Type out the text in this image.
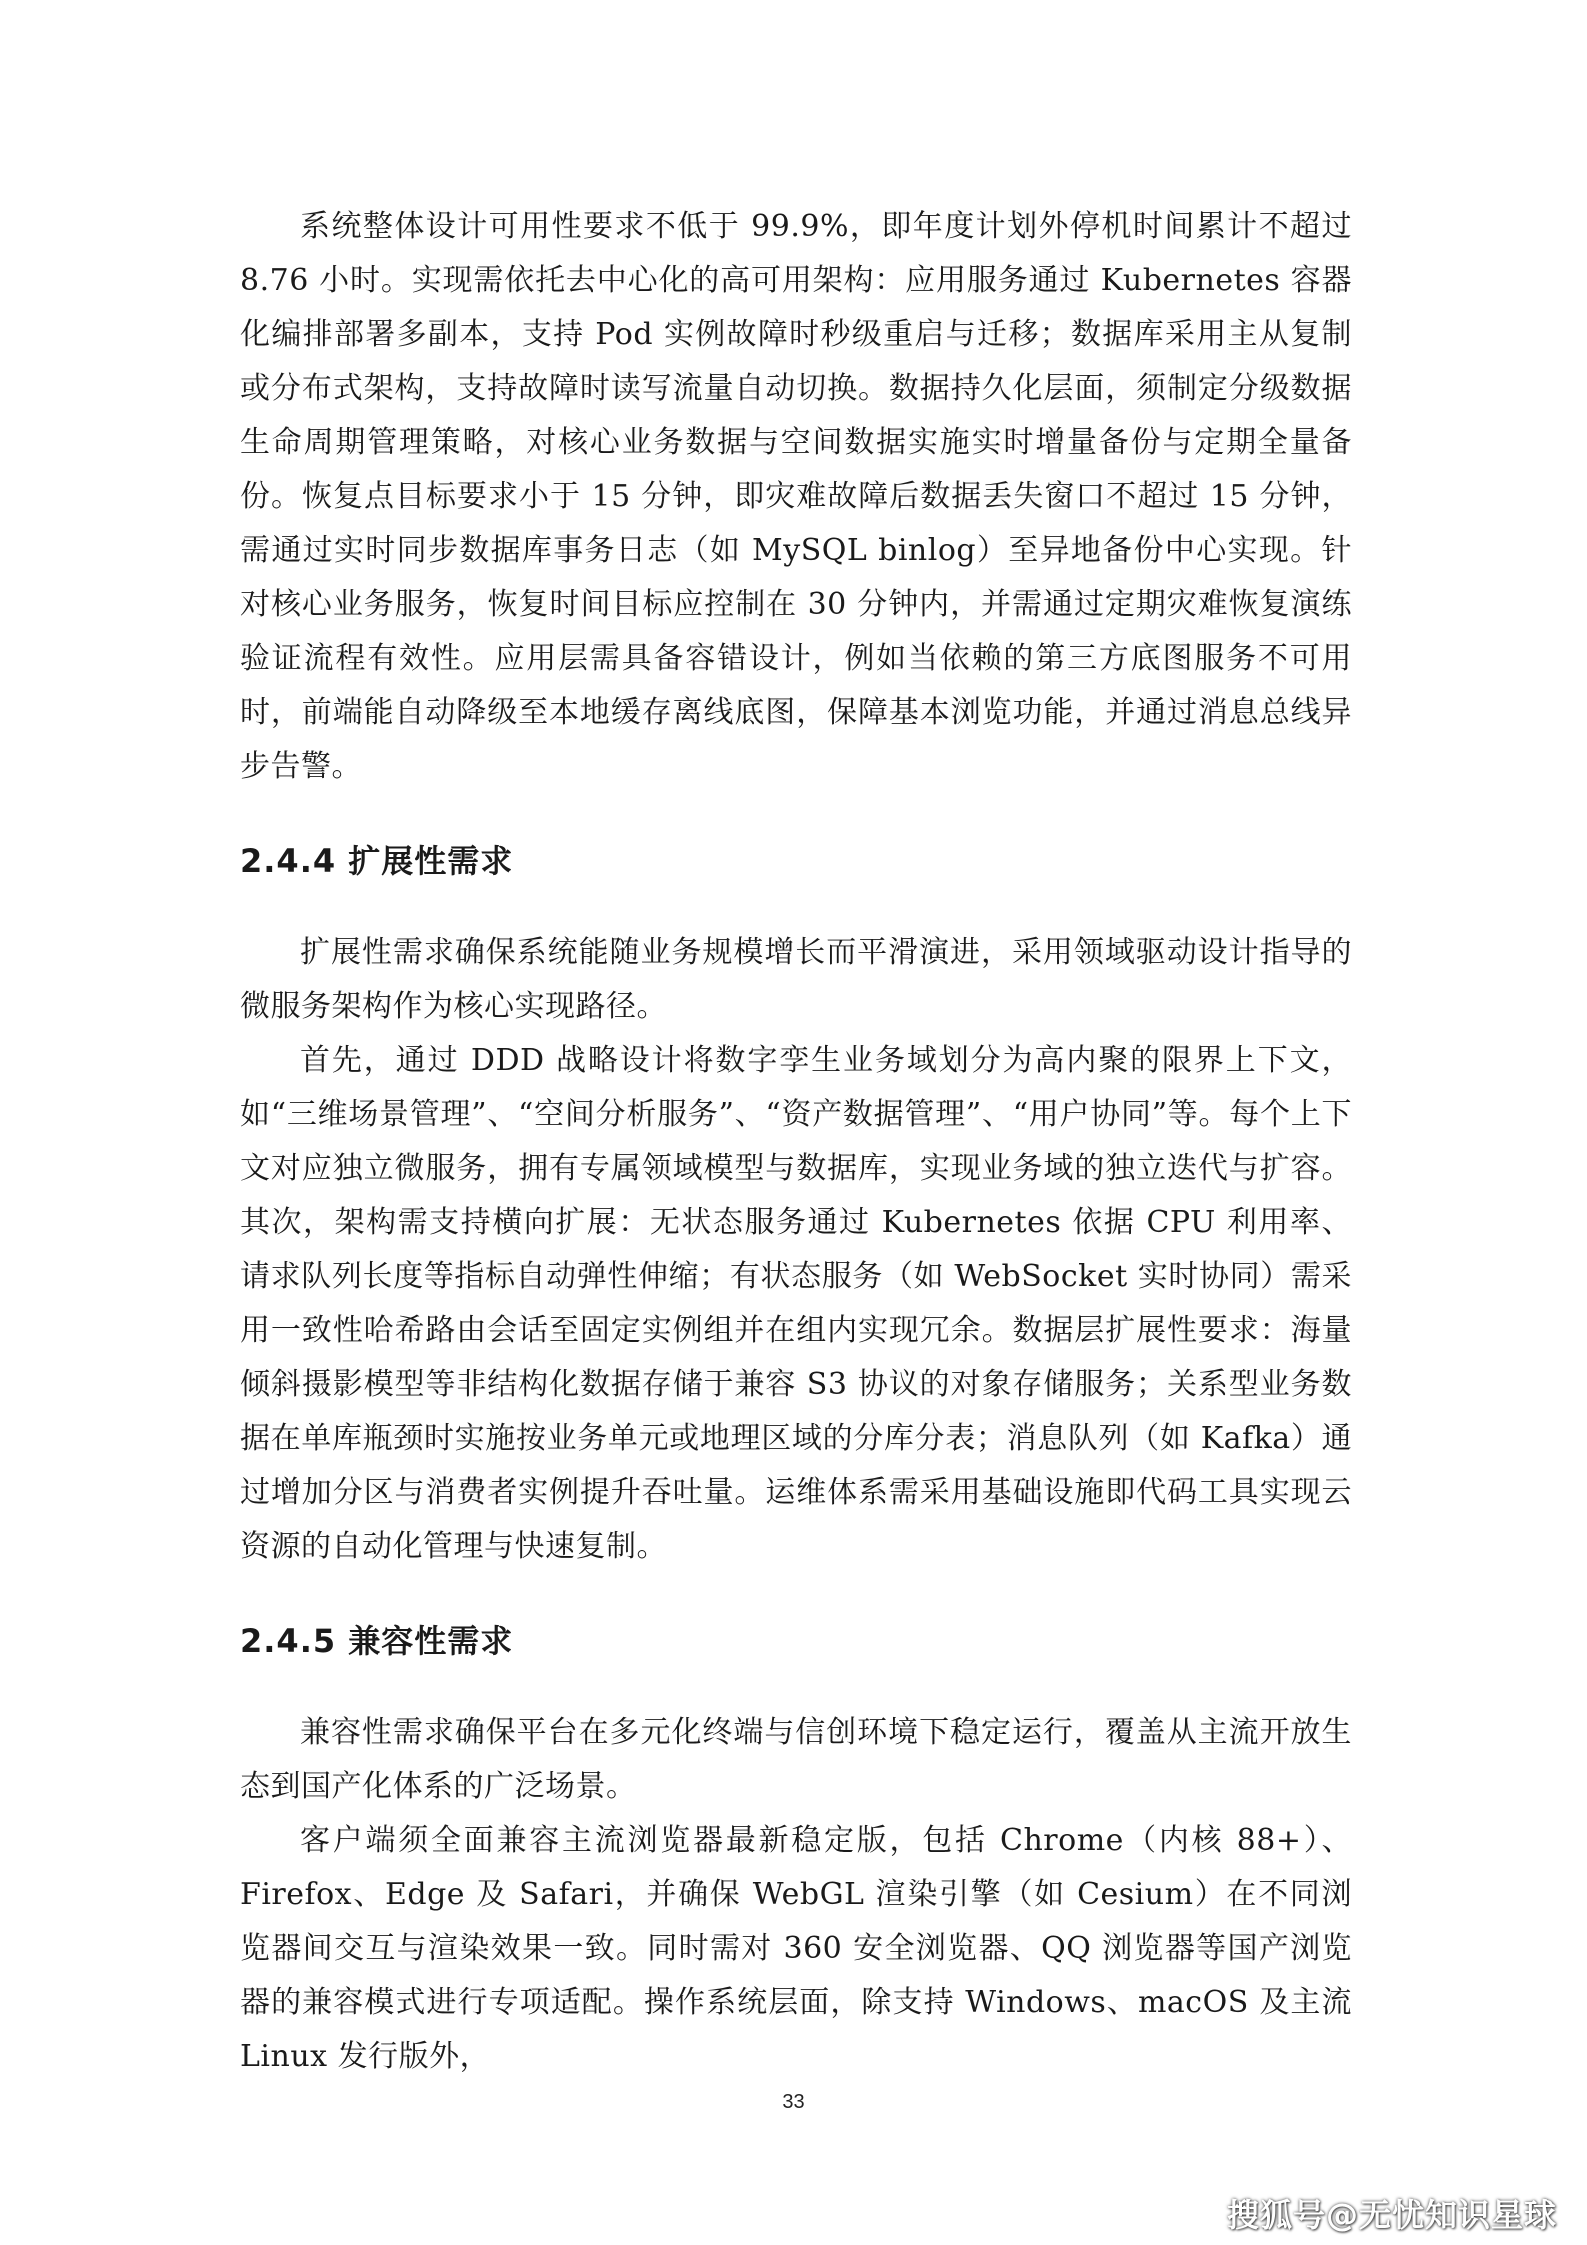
系统整体设计可用性要求不低于 99.9%，即年度计划外停机时间累计不超过 8.76 小时。实现需依托去中心化的高可用架构：应用服务通过 Kubernetes 容器化编排部署多副本，支持 Pod 实例故障时秒级重启与迁移；数据库采用主从复制或分布式架构，支持故障时读写流量自动切换。数据持久化层面，须制定分级数据生命周期管理策略，对核心业务数据与空间数据实施实时增量备份与定期全量备份。恢复点目标要求小于 15 分钟，即灾难故障后数据丢失窗口不超过 15 分钟，需通过实时同步数据库事务日志（如 MySQL binlog）至异地备份中心实现。针对核心业务服务，恢复时间目标应控制在 30 分钟内，并需通过定期灾难恢复演练验证流程有效性。应用层需具备容错设计，例如当依赖的第三方底图服务不可用时，前端能自动降级至本地缓存离线底图，保障基本浏览功能，并通过消息总线异步告警。

2.4.4 扩展性需求

扩展性需求确保系统能随业务规模增长而平滑演进，采用领域驱动设计指导的微服务架构作为核心实现路径。

首先，通过 DDD 战略设计将数字孪生业务域划分为高内聚的限界上下文，如“三维场景管理”、“空间分析服务”、“资产数据管理”、“用户协同”等。每个上下文对应独立微服务，拥有专属领域模型与数据库，实现业务域的独立迭代与扩容。其次，架构需支持横向扩展：无状态服务通过 Kubernetes 依据 CPU 利用率、请求队列长度等指标自动弹性伸缩；有状态服务（如 WebSocket 实时协同）需采用一致性哈希路由会话至固定实例组并在组内实现冗余。数据层扩展性要求：海量倾斜摄影模型等非结构化数据存储于兼容 S3 协议的对象存储服务；关系型业务数据在单库瓶颈时实施按业务单元或地理区域的分库分表；消息队列（如 Kafka）通过增加分区与消费者实例提升吞吐量。运维体系需采用基础设施即代码工具实现云资源的自动化管理与快速复制。

2.4.5 兼容性需求

兼容性需求确保平台在多元化终端与信创环境下稳定运行，覆盖从主流开放生态到国产化体系的广泛场景。

客户端须全面兼容主流浏览器最新稳定版，包括 Chrome（内核 88+）、Firefox、Edge 及 Safari，并确保 WebGL 渲染引擎（如 Cesium）在不同浏览器间交互与渲染效果一致。同时需对 360 安全浏览器、QQ 浏览器等国产浏览器的兼容模式进行专项适配。操作系统层面，除支持 Windows、macOS 及主流 Linux 发行版外，

33
搜狐号@无忧知识星球
